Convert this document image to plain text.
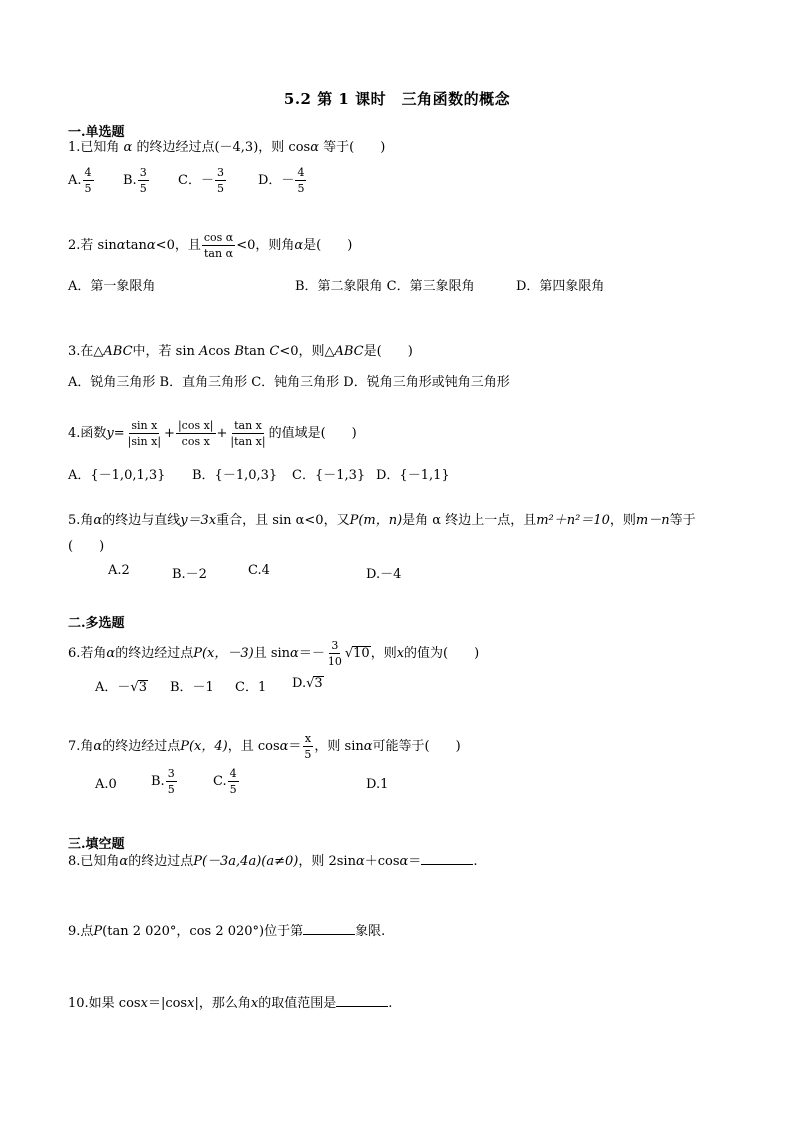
5.2 第 1 课时　三角函数的概念
一.单选题
1.已知角 α 的终边经过点(－4,3)，则 cosα 等于(　　)
A. $\frac{4}{5} B$. $\frac{3}{5}$ C．－ $\frac{3}{5}$ D．－ $\frac{4}{5}$
2.若 sinαtanα<0，且 $\frac{\text{cos α}}{\text{tan α}} <0$，则角α是(　　)
A．第一象限角	B．第二象限角 C．第三象限角	D．第四象限角
3.在△ABC中，若 sin Acos Btan C<0，则△ABC是(　　)
A．锐角三角形 B．直角三角形 C．钝角三角形 D．锐角三角形或钝角三角形
4.函数$y= \frac{\text{sin x}}{\text{|sin x|}} + \frac{\text{|cos x|}}{\text{cos x}} + \frac{\text{tan x}}{\text{|tan x|}}$ 的值域是(　　)
A．{－1,0,1,3} B．{－1,0,3} C．{－1,3} D．{－1,1}
5.角α的终边与直线y＝3x重合，且 sin α<0，又P(m，n)是角 α 终边上一点，且m²＋n²＝10，则m－n等于
(　　)
A.2	B.－2	C.4	D.－4
二.多选题
6.若角α的终边经过点P(x，－3)且 $\sin\alpha=- \frac{3}{10} √10$，则x的值为(　　)
A．－√3 B．－1 C．1 D.√3
7.角α的终边经过点P(x，4)，且 $\cos\alpha= \frac{x}{5}$ ，则 sinα可能等于(　　)
A.0	B. $\frac{3}{5}$	C. $\frac{4}{5}$	D.1
三.填空题
8.已知角α的终边过点P(－3a,4a)(a≠0)，则 2sinα＋cosα＝	.
9.点P(tan 2 020°，cos 2 020°)位于第	象限.
10.如果 cosx＝|cosx|，那么角x的取值范围是	.
